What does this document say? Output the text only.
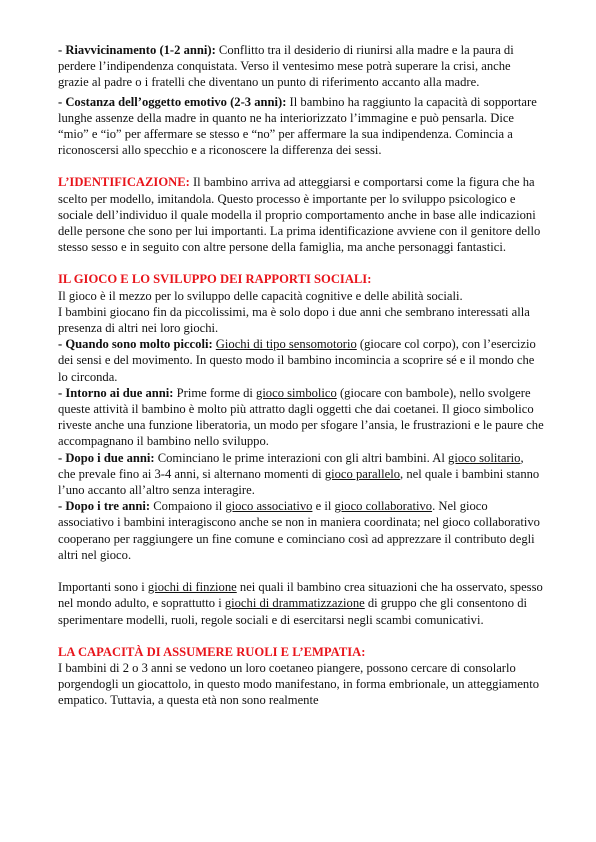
- Riavvicinamento (1-2 anni): Conflitto tra il desiderio di riunirsi alla madre e la paura di perdere l’indipendenza conquistata. Verso il ventesimo mese potrà superare la crisi, anche grazie al padre o i fratelli che diventano un punto di riferimento accanto alla madre.

- Costanza dell’oggetto emotivo (2-3 anni): Il bambino ha raggiunto la capacità di sopportare lunghe assenze della madre in quanto ne ha interiorizzato l’immagine e può pensarla. Dice “mio” e “io” per affermare se stesso e “no” per affermare la sua indipendenza. Comincia a riconoscersi allo specchio e a riconoscere la differenza dei sessi.

L’IDENTIFICAZIONE: Il bambino arriva ad atteggiarsi e comportarsi come la figura che ha scelto per modello, imitandola. Questo processo è importante per lo sviluppo psicologico e sociale dell’individuo il quale modella il proprio comportamento anche in base alle indicazioni delle persone che sono per lui importanti. La prima identificazione avviene con il genitore dello stesso sesso e in seguito con altre persone della famiglia, ma anche personaggi fantastici.

IL GIOCO E LO SVILUPPO DEI RAPPORTI SOCIALI:

Il gioco è il mezzo per lo sviluppo delle capacità cognitive e delle abilità sociali.

I bambini giocano fin da piccolissimi, ma è solo dopo i due anni che sembrano interessati alla presenza di altri nei loro giochi.

- Quando sono molto piccoli: Giochi di tipo sensomotorio (giocare col corpo), con l’esercizio dei sensi e del movimento. In questo modo il bambino incomincia a scoprire sé e il mondo che lo circonda.

- Intorno ai due anni: Prime forme di gioco simbolico (giocare con bambole), nello svolgere queste attività il bambino è molto più attratto dagli oggetti che dai coetanei. Il gioco simbolico riveste anche una funzione liberatoria, un modo per sfogare l’ansia, le frustrazioni e le paure che accompagnano il bambino nello sviluppo.

- Dopo i due anni: Cominciano le prime interazioni con gli altri bambini. Al gioco solitario, che prevale fino ai 3-4 anni, si alternano momenti di gioco parallelo, nel quale i bambini stanno l’uno accanto all’altro senza interagire.

- Dopo i tre anni: Compaiono il gioco associativo e il gioco collaborativo. Nel gioco associativo i bambini interagiscono anche se non in maniera coordinata; nel gioco collaborativo cooperano per raggiungere un fine comune e cominciano così ad apprezzare il contributo degli altri nel gioco.

Importanti sono i giochi di finzione nei quali il bambino crea situazioni che ha osservato, spesso nel mondo adulto, e soprattutto i giochi di drammatizzazione di gruppo che gli consentono di sperimentare modelli, ruoli, regole sociali e di esercitarsi negli scambi comunicativi.

LA CAPACITÀ DI ASSUMERE RUOLI E L’EMPATIA:

I bambini di 2 o 3 anni se vedono un loro coetaneo piangere, possono cercare di consolarlo porgendogli un giocattolo, in questo modo manifestano, in forma embrionale, un atteggiamento empatico. Tuttavia, a questa età non sono realmente
